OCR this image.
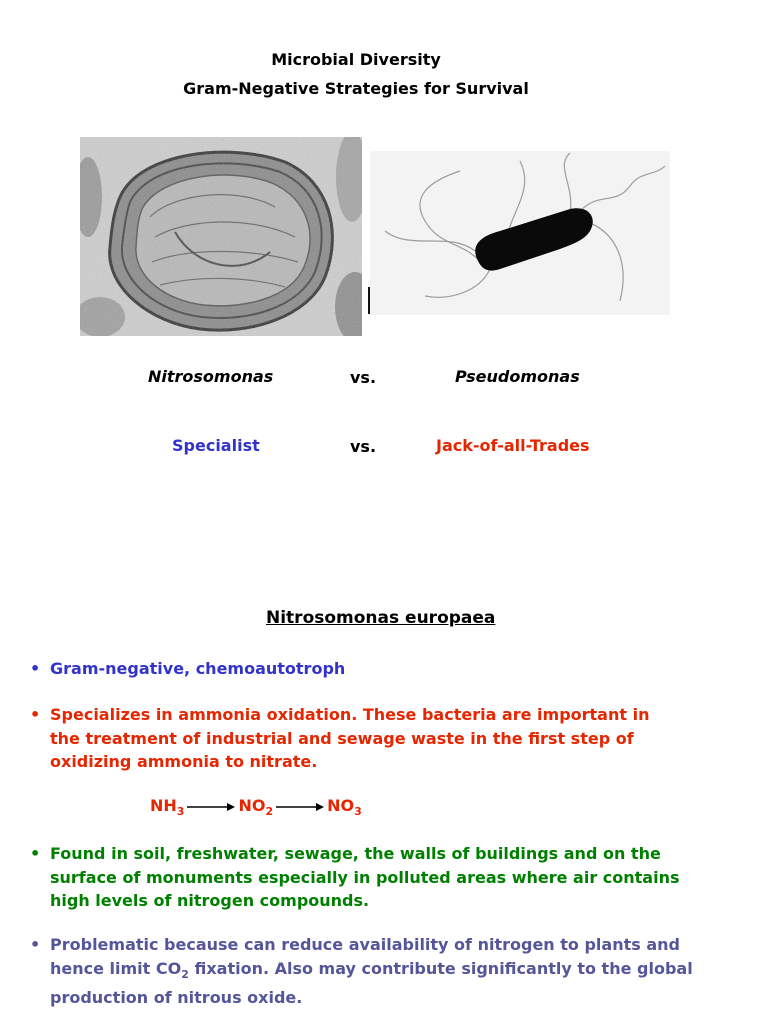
Microbial Diversity
Gram-Negative Strategies for Survival
Nitrosomonas	vs.	Pseudomonas
Specialist	vs.	Jack-of-all-Trades
Nitrosomonas europaea
• Gram-negative, chemoautotroph
• Specializes in ammonia oxidation. These bacteria are important in
the treatment of industrial and sewage waste in the first step of
oxidizing ammonia to nitrate.
$NH_3$	$NO_2$	$NO_3$
• Found in soil, freshwater, sewage, the walls of buildings and on the
surface of monuments especially in polluted areas where air contains
high levels of nitrogen compounds.
• Problematic because can reduce availability of nitrogen to plants and
hence limit $CO_2$ fixation. Also may contribute significantly to the global
production of nitrous oxide.
